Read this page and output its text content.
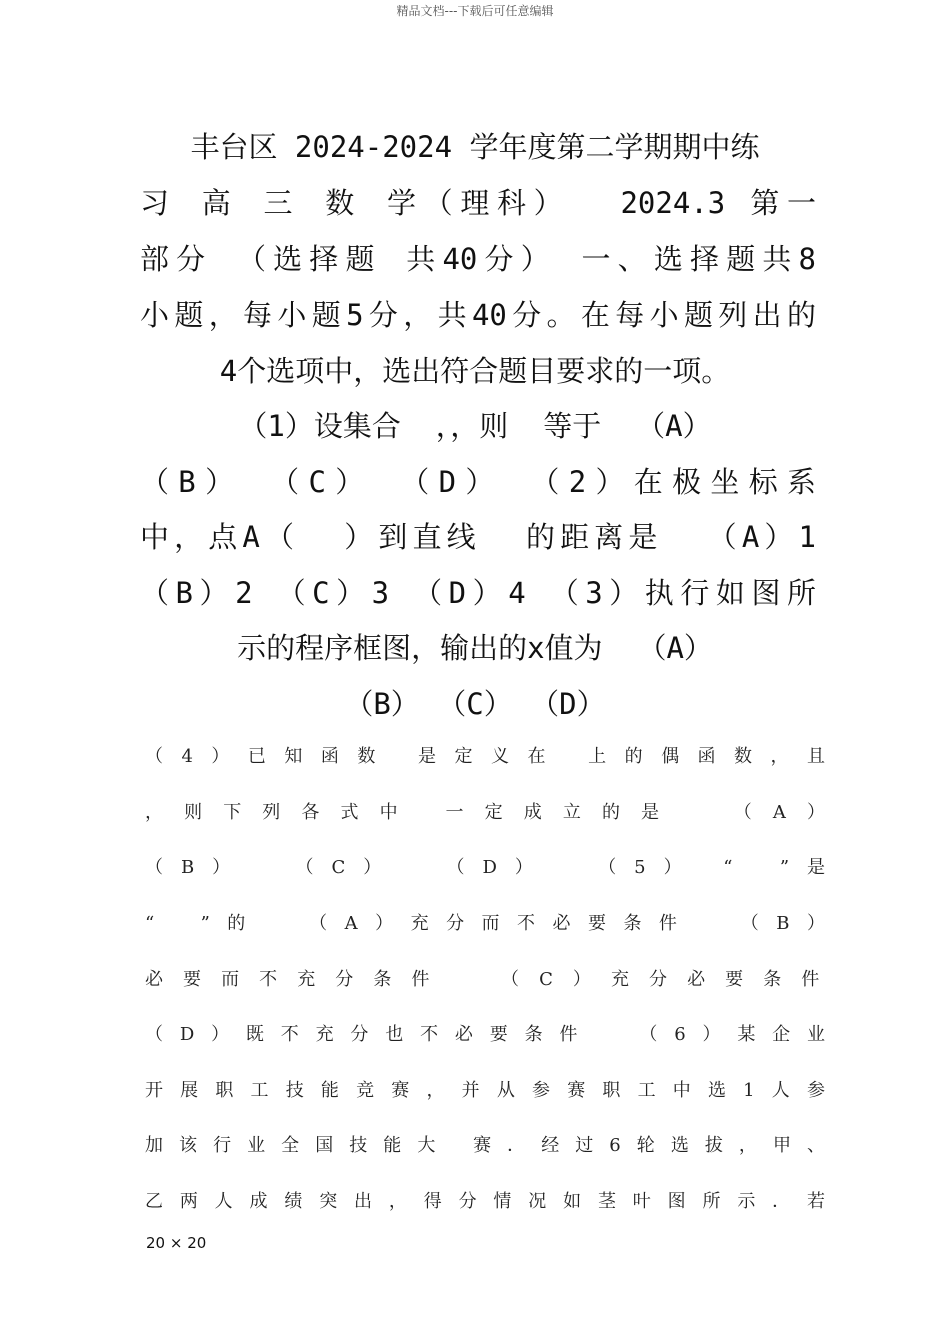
精品文档---下载后可任意编辑
丰台区 2024-2024 学年度第二学期期中练
习 高 三 数 学（理科）  2024.3 第一
部分 （选择题 共40分） 一、选择题共8
小题，每小题5分，共40分。在每小题列出的
4个选项中，选出符合题目要求的一项。
（1）设集合  ，，则  等于  （A）
（B） （C） （D） （2）在极坐标系
中，点A（  ）到直线  的距离是  （A）1
（B）2 （C）3 （D）4 （3）执行如图所
示的程序框图，输出的x值为  （A）
（B） （C） （D）
（4）已知函数 是定义在 上的偶函数，且
，则下列各式中 一定成立的是  （A）
（B）  （C）  （D）  （5） “  ”是
“  ”的  （A）充分而不必要条件  （B）
必要而不充分条件  （C）充分必要条件
（D）既不充分也不必要条件  （6）某企业
开展职工技能竞赛，并从参赛职工中选1人参
加该行业全国技能大 赛．经过6轮选拔，甲、
乙两人成绩突出，得分情况如茎叶图所示．若
20 × 20
